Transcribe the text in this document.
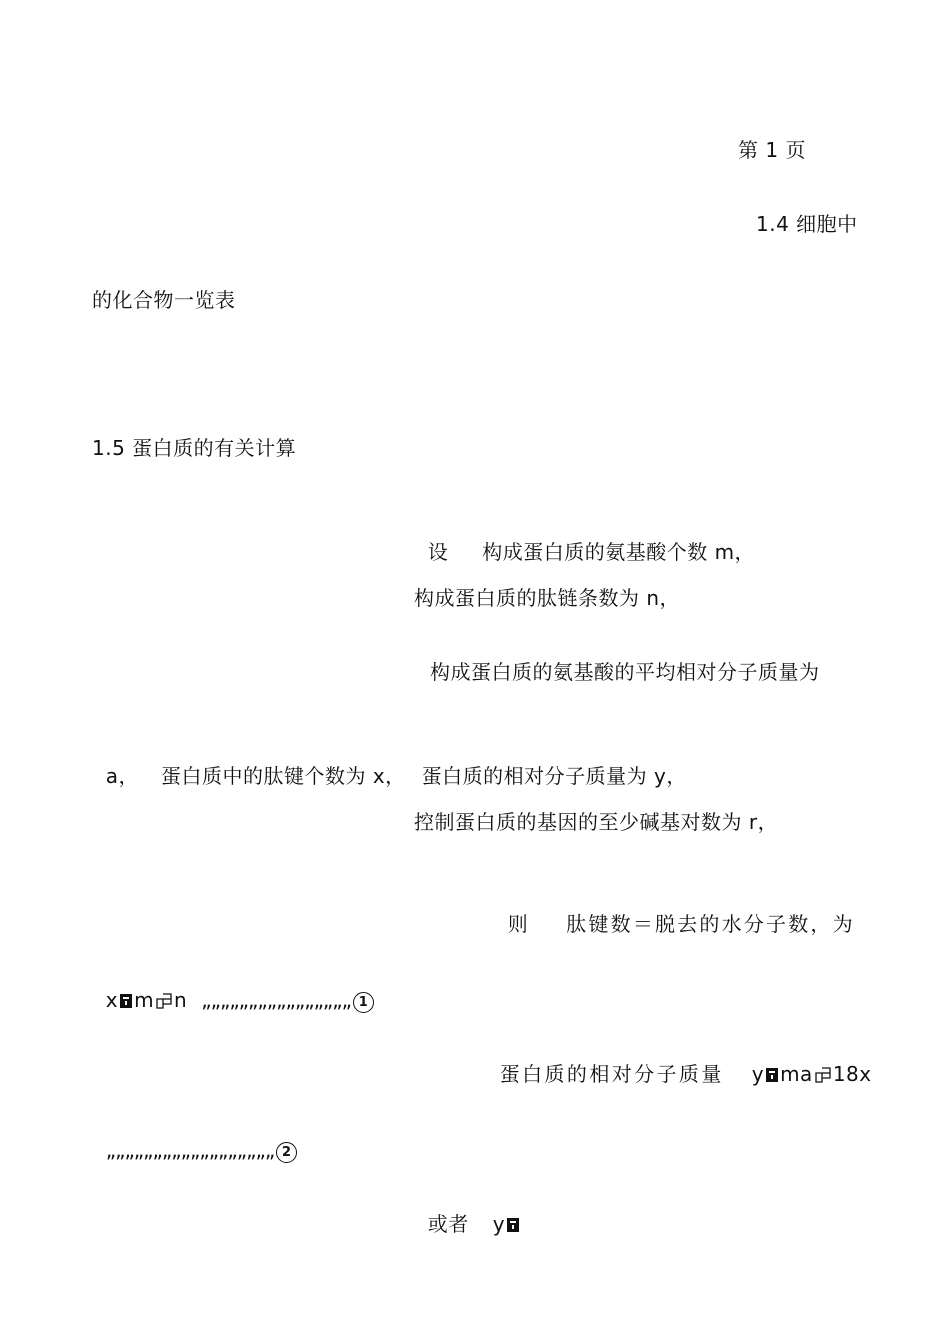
第 1 页
1.4 细胞中
的化合物一览表
1.5 蛋白质的有关计算

设 构成蛋白质的氨基酸个数 m，

构成蛋白质的肽链条数为 n，
构成蛋白质的氨基酸的平均相对分子质量为

a， 蛋白质中的肽键个数为 x， 蛋白质的相对分子质量为 y，

控制蛋白质的基因的至少碱基对数为 r，

则 肽键数＝脱去的水分子数，为

x m n „„„„„„„„„„„„„„„„ 1

蛋白质的相对分子质量 y ma 18x

„„„„„„„„„„„„„„„„„„ 2

或者 y
